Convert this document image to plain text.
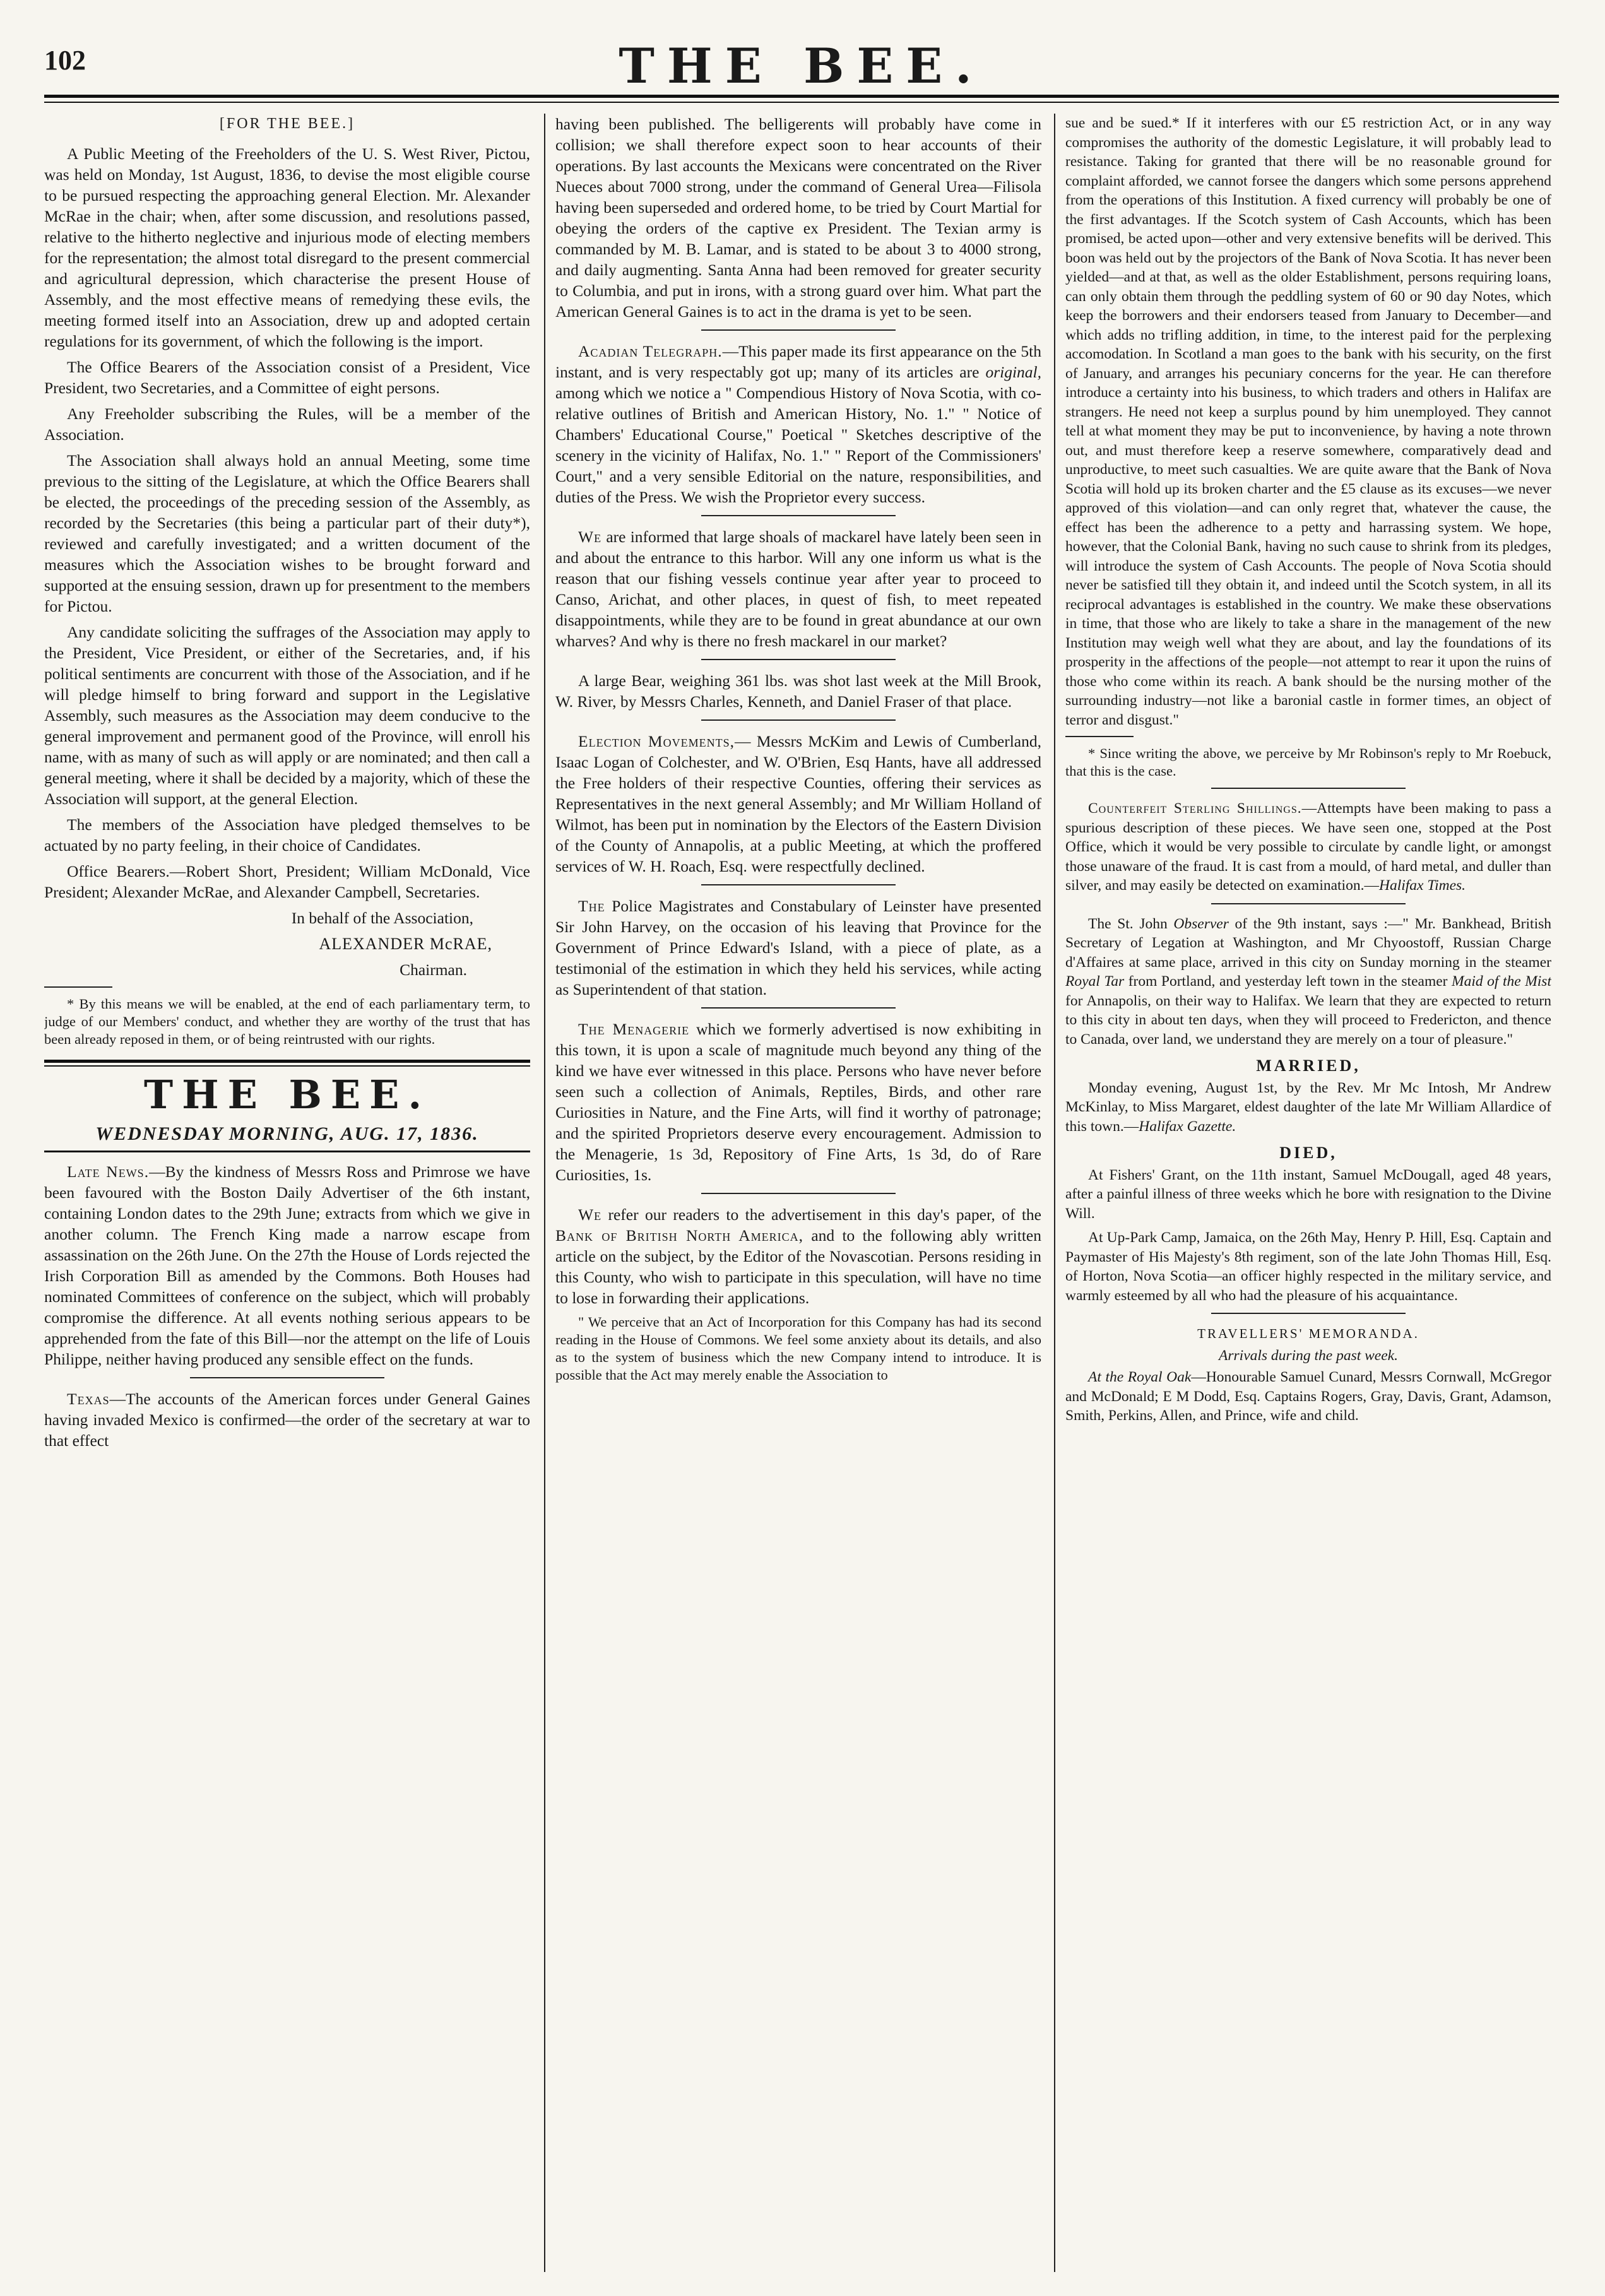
102	THE BEE.

[FOR THE BEE.]

A Public Meeting of the Freeholders of the U. S. West River, Pictou, was held on Monday, 1st August, 1836, to devise the most eligible course to be pursued respecting the approaching general Election. Mr. Alexander McRae in the chair; when, after some discussion, and resolutions passed, relative to the hitherto neglective and injurious mode of electing members for the representation; the almost total disregard to the present commercial and agricultural depression, which characterise the present House of Assembly, and the most effective means of remedying these evils, the meeting formed itself into an Association, drew up and adopted certain regulations for its government, of which the following is the import.

The Office Bearers of the Association consist of a President, Vice President, two Secretaries, and a Committee of eight persons.

Any Freeholder subscribing the Rules, will be a member of the Association.

The Association shall always hold an annual Meeting, some time previous to the sitting of the Legislature, at which the Office Bearers shall be elected, the proceedings of the preceding session of the Assembly, as recorded by the Secretaries (this being a particular part of their duty*), reviewed and carefully investigated; and a written document of the measures which the Association wishes to be brought forward and supported at the ensuing session, drawn up for presentment to the members for Pictou.

Any candidate soliciting the suffrages of the Association may apply to the President, Vice President, or either of the Secretaries, and, if his political sentiments are concurrent with those of the Association, and if he will pledge himself to bring forward and support in the Legislative Assembly, such measures as the Association may deem conducive to the general improvement and permanent good of the Province, will enroll his name, with as many of such as will apply or are nominated; and then call a general meeting, where it shall be decided by a majority, which of these the Association will support, at the general Election.

The members of the Association have pledged themselves to be actuated by no party feeling, in their choice of Candidates.

Office Bearers.—Robert Short, President; William McDonald, Vice President; Alexander McRae, and Alexander Campbell, Secretaries.

In behalf of the Association,

ALEXANDER McRAE,

Chairman.

* By this means we will be enabled, at the end of each parliamentary term, to judge of our Members' conduct, and whether they are worthy of the trust that has been already reposed in them, or of being reintrusted with our rights.

THE BEE.

WEDNESDAY MORNING, AUG. 17, 1836.

Late News.—By the kindness of Messrs Ross and Primrose we have been favoured with the Boston Daily Advertiser of the 6th instant, containing London dates to the 29th June; extracts from which we give in another column. The French King made a narrow escape from assassination on the 26th June. On the 27th the House of Lords rejected the Irish Corporation Bill as amended by the Commons. Both Houses had nominated Committees of conference on the subject, which will probably compromise the difference. At all events nothing serious appears to be apprehended from the fate of this Bill—nor the attempt on the life of Louis Philippe, neither having produced any sensible effect on the funds.

Texas—The accounts of the American forces under General Gaines having invaded Mexico is confirmed—the order of the secretary at war to that effect

having been published. The belligerents will probably have come in collision; we shall therefore expect soon to hear accounts of their operations. By last accounts the Mexicans were concentrated on the River Nueces about 7000 strong, under the command of General Urea—Filisola having been superseded and ordered home, to be tried by Court Martial for obeying the orders of the captive ex President. The Texian army is commanded by M. B. Lamar, and is stated to be about 3 to 4000 strong, and daily augmenting. Santa Anna had been removed for greater security to Columbia, and put in irons, with a strong guard over him. What part the American General Gaines is to act in the drama is yet to be seen.

Acadian Telegraph.—This paper made its first appearance on the 5th instant, and is very respectably got up; many of its articles are original, among which we notice a " Compendious History of Nova Scotia, with co-relative outlines of British and American History, No. 1." " Notice of Chambers' Educational Course," Poetical " Sketches descriptive of the scenery in the vicinity of Halifax, No. 1." " Report of the Commissioners' Court," and a very sensible Editorial on the nature, responsibilities, and duties of the Press. We wish the Proprietor every success.

We are informed that large shoals of mackarel have lately been seen in and about the entrance to this harbor. Will any one inform us what is the reason that our fishing vessels continue year after year to proceed to Canso, Arichat, and other places, in quest of fish, to meet repeated disappointments, while they are to be found in great abundance at our own wharves? And why is there no fresh mackarel in our market?

A large Bear, weighing 361 lbs. was shot last week at the Mill Brook, W. River, by Messrs Charles, Kenneth, and Daniel Fraser of that place.

Election Movements,— Messrs McKim and Lewis of Cumberland, Isaac Logan of Colchester, and W. O'Brien, Esq Hants, have all addressed the Free holders of their respective Counties, offering their services as Representatives in the next general Assembly; and Mr William Holland of Wilmot, has been put in nomination by the Electors of the Eastern Division of the County of Annapolis, at a public Meeting, at which the proffered services of W. H. Roach, Esq. were respectfully declined.

The Police Magistrates and Constabulary of Leinster have presented Sir John Harvey, on the occasion of his leaving that Province for the Government of Prince Edward's Island, with a piece of plate, as a testimonial of the estimation in which they held his services, while acting as Superintendent of that station.

The Menagerie which we formerly advertised is now exhibiting in this town, it is upon a scale of magnitude much beyond any thing of the kind we have ever witnessed in this place. Persons who have never before seen such a collection of Animals, Reptiles, Birds, and other rare Curiosities in Nature, and the Fine Arts, will find it worthy of patronage; and the spirited Proprietors deserve every encouragement. Admission to the Menagerie, 1s 3d, Repository of Fine Arts, 1s 3d, do of Rare Curiosities, 1s.

We refer our readers to the advertisement in this day's paper, of the Bank of British North America, and to the following ably written article on the subject, by the Editor of the Novascotian. Persons residing in this County, who wish to participate in this speculation, will have no time to lose in forwarding their applications.

" We perceive that an Act of Incorporation for this Company has had its second reading in the House of Commons. We feel some anxiety about its details, and also as to the system of business which the new Company intend to introduce. It is possible that the Act may merely enable the Association to

sue and be sued.* If it interferes with our £5 restriction Act, or in any way compromises the authority of the domestic Legislature, it will probably lead to resistance. Taking for granted that there will be no reasonable ground for complaint afforded, we cannot forsee the dangers which some persons apprehend from the operations of this Institution. A fixed currency will probably be one of the first advantages. If the Scotch system of Cash Accounts, which has been promised, be acted upon—other and very extensive benefits will be derived. This boon was held out by the projectors of the Bank of Nova Scotia. It has never been yielded—and at that, as well as the older Establishment, persons requiring loans, can only obtain them through the peddling system of 60 or 90 day Notes, which keep the borrowers and their endorsers teased from January to December—and which adds no trifling addition, in time, to the interest paid for the perplexing accomodation. In Scotland a man goes to the bank with his security, on the first of January, and arranges his pecuniary concerns for the year. He can therefore introduce a certainty into his business, to which traders and others in Halifax are strangers. He need not keep a surplus pound by him unemployed. They cannot tell at what moment they may be put to inconvenience, by having a note thrown out, and must therefore keep a reserve somewhere, comparatively dead and unproductive, to meet such casualties. We are quite aware that the Bank of Nova Scotia will hold up its broken charter and the £5 clause as its excuses—we never approved of this violation—and can only regret that, whatever the cause, the effect has been the adherence to a petty and harrassing system. We hope, however, that the Colonial Bank, having no such cause to shrink from its pledges, will introduce the system of Cash Accounts. The people of Nova Scotia should never be satisfied till they obtain it, and indeed until the Scotch system, in all its reciprocal advantages is established in the country. We make these observations in time, that those who are likely to take a share in the management of the new Institution may weigh well what they are about, and lay the foundations of its prosperity in the affections of the people—not attempt to rear it upon the ruins of those who come within its reach. A bank should be the nursing mother of the surrounding industry—not like a baronial castle in former times, an object of terror and disgust."

* Since writing the above, we perceive by Mr Robinson's reply to Mr Roebuck, that this is the case.

Counterfeit Sterling Shillings.—Attempts have been making to pass a spurious description of these pieces. We have seen one, stopped at the Post Office, which it would be very possible to circulate by candle light, or amongst those unaware of the fraud. It is cast from a mould, of hard metal, and duller than silver, and may easily be detected on examination.—Halifax Times.

The St. John Observer of the 9th instant, says :—" Mr. Bankhead, British Secretary of Legation at Washington, and Mr Chyoostoff, Russian Charge d'Affaires at same place, arrived in this city on Sunday morning in the steamer Royal Tar from Portland, and yesterday left town in the steamer Maid of the Mist for Annapolis, on their way to Halifax. We learn that they are expected to return to this city in about ten days, when they will proceed to Fredericton, and thence to Canada, over land, we understand they are merely on a tour of pleasure."

MARRIED,

Monday evening, August 1st, by the Rev. Mr Mc Intosh, Mr Andrew McKinlay, to Miss Margaret, eldest daughter of the late Mr William Allardice of this town.—Halifax Gazette.

DIED,

At Fishers' Grant, on the 11th instant, Samuel McDougall, aged 48 years, after a painful illness of three weeks which he bore with resignation to the Divine Will.

At Up-Park Camp, Jamaica, on the 26th May, Henry P. Hill, Esq. Captain and Paymaster of His Majesty's 8th regiment, son of the late John Thomas Hill, Esq. of Horton, Nova Scotia—an officer highly respected in the military service, and warmly esteemed by all who had the pleasure of his acquaintance.

TRAVELLERS' MEMORANDA.

Arrivals during the past week.

At the Royal Oak—Honourable Samuel Cunard, Messrs Cornwall, McGregor and McDonald; E M Dodd, Esq. Captains Rogers, Gray, Davis, Grant, Adamson, Smith, Perkins, Allen, and Prince, wife and child.
